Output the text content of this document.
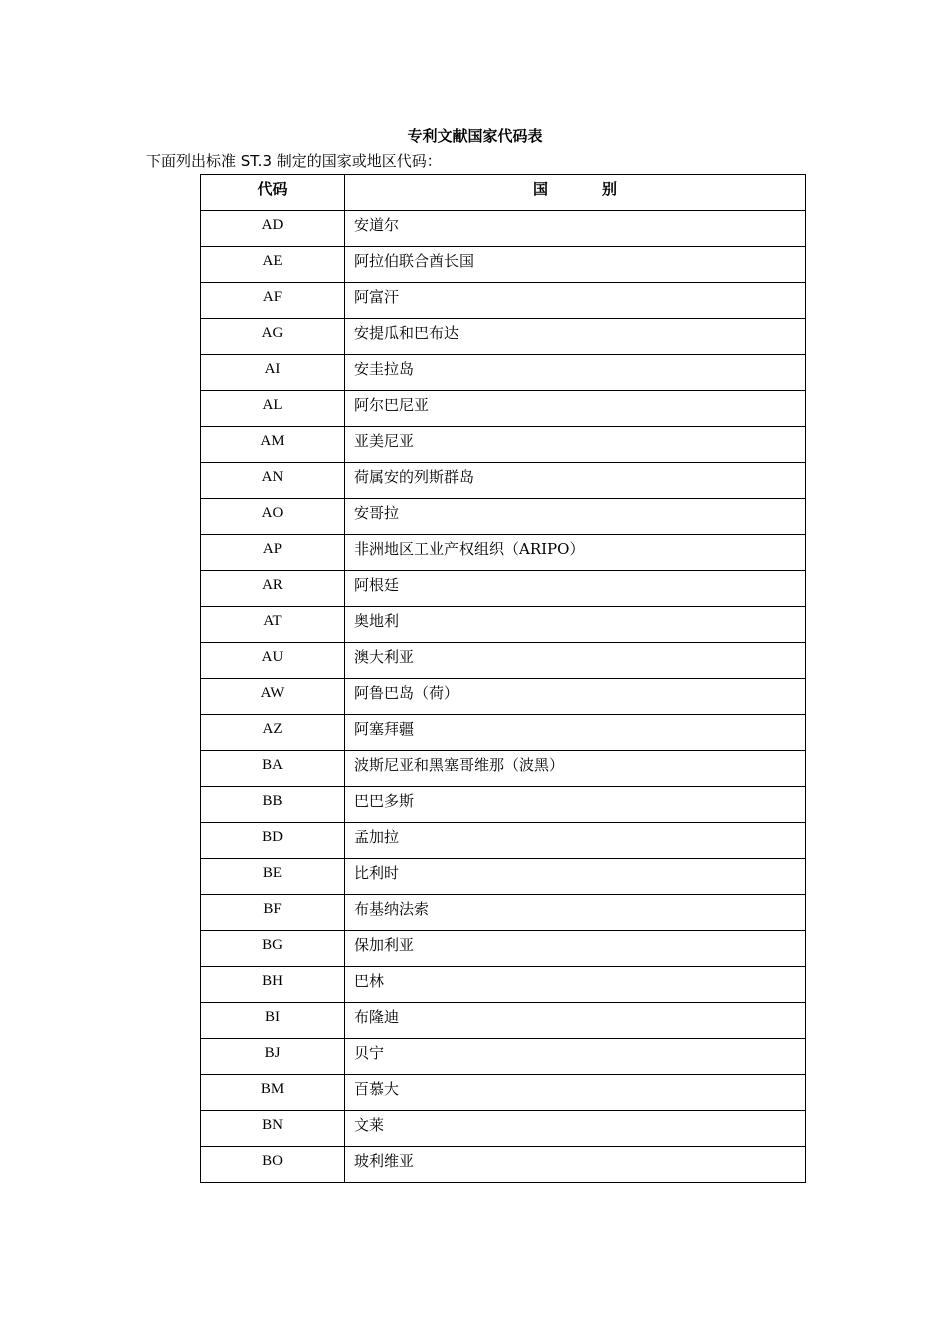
专利文献国家代码表
下面列出标准 ST.3 制定的国家或地区代码：
代码	国 别
AD	安道尔
AE	阿拉伯联合酋长国
AF	阿富汗
AG	安提瓜和巴布达
AI	安圭拉岛
AL	阿尔巴尼亚
AM	亚美尼亚
AN	荷属安的列斯群岛
AO	安哥拉
AP	非洲地区工业产权组织（ARIPO）
AR	阿根廷
AT	奥地利
AU	澳大利亚
AW	阿鲁巴岛（荷）
AZ	阿塞拜疆
BA	波斯尼亚和黑塞哥维那（波黑）
BB	巴巴多斯
BD	孟加拉
BE	比利时
BF	布基纳法索
BG	保加利亚
BH	巴林
BI	布隆迪
BJ	贝宁
BM	百慕大
BN	文莱
BO	玻利维亚
